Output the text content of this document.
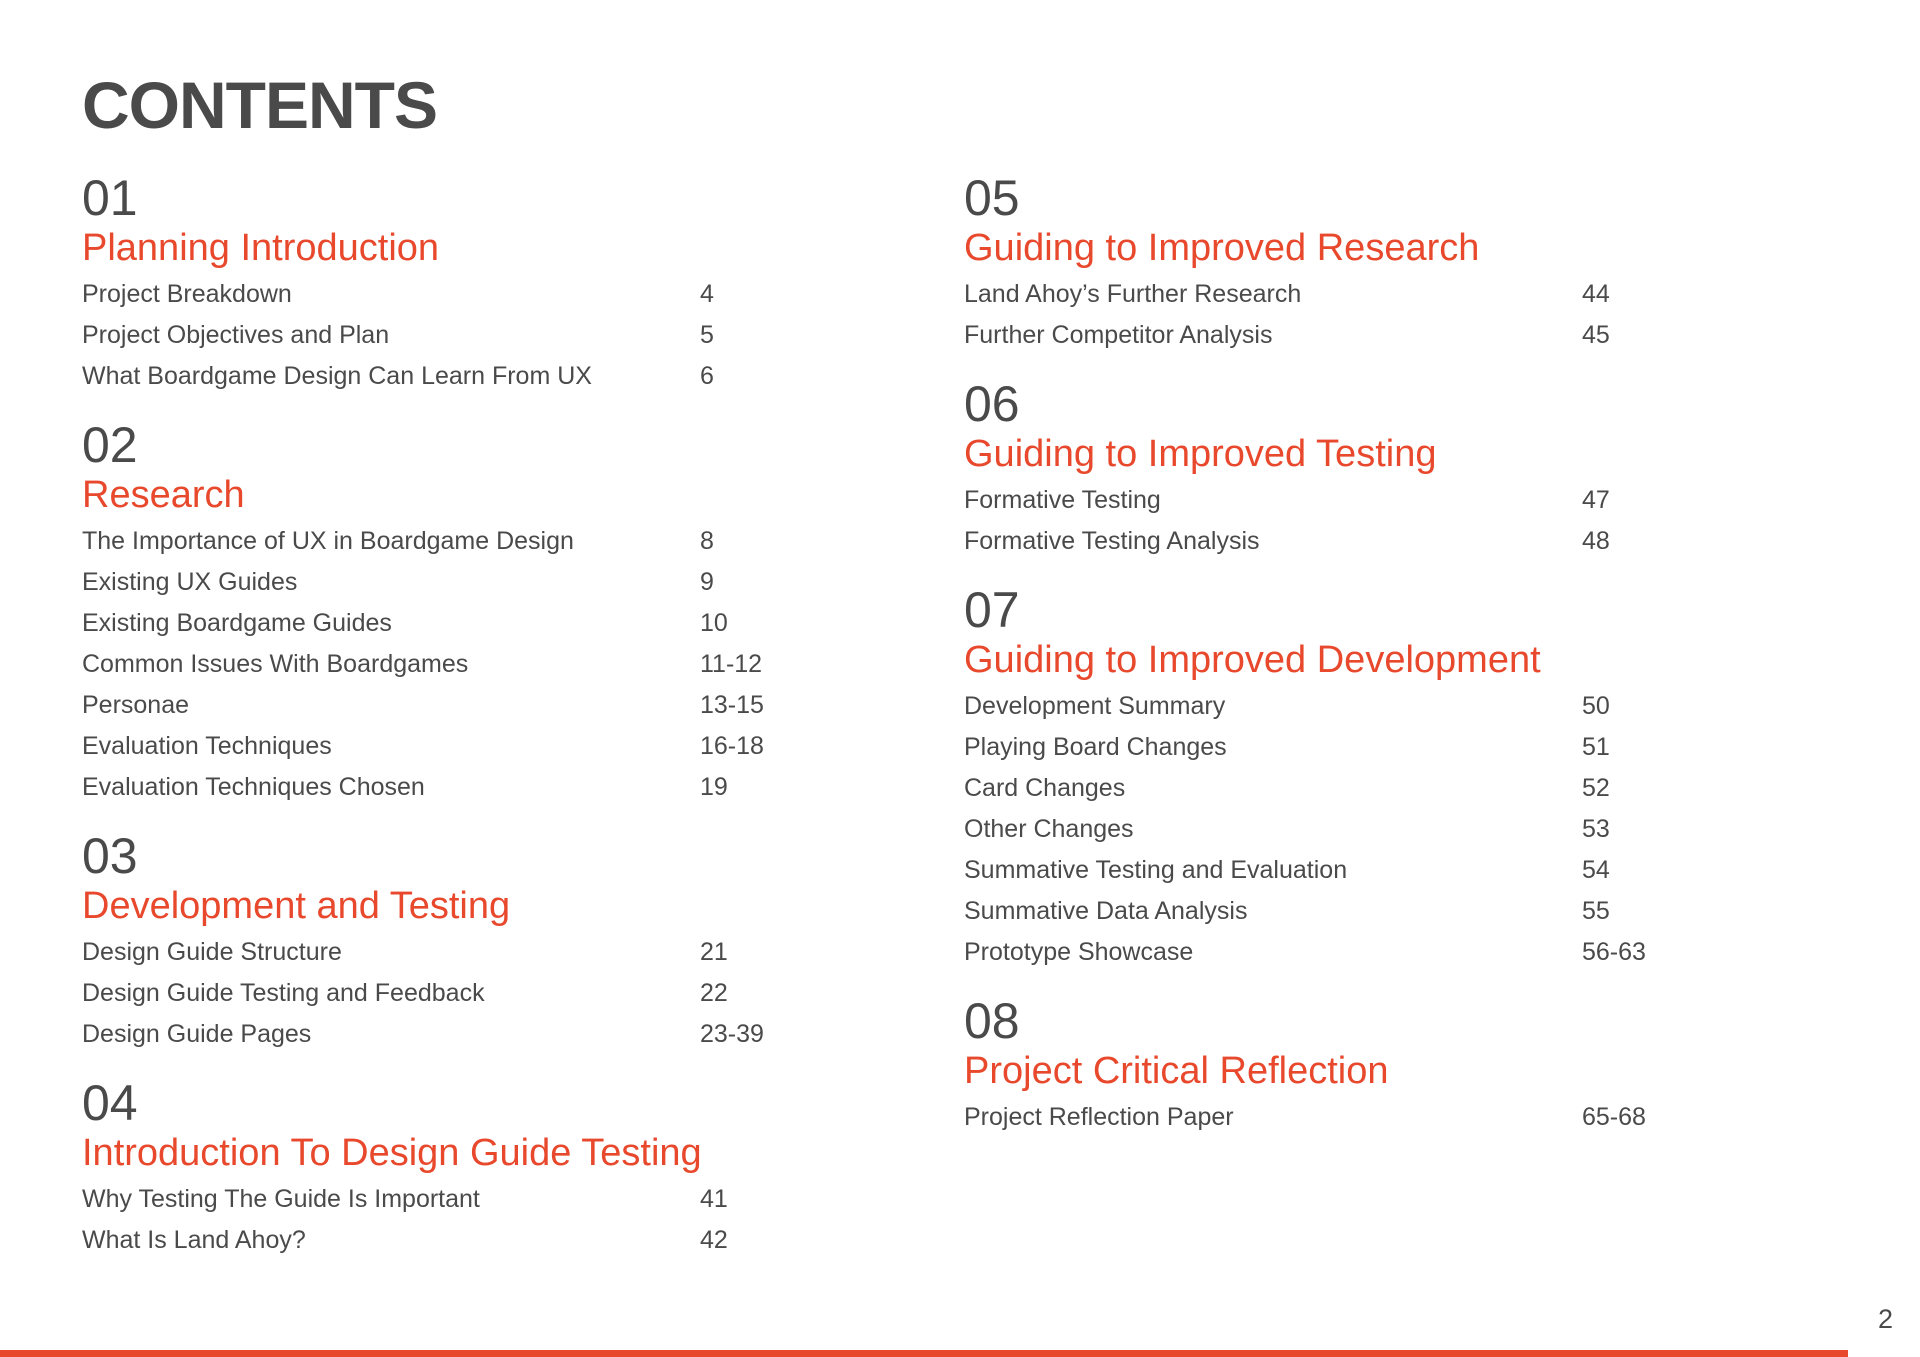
CONTENTS
01
Planning Introduction
Project Breakdown	4
Project Objectives and Plan	5
What Boardgame Design Can Learn From UX	6
02
Research
The Importance of UX in Boardgame Design	8
Existing UX Guides	9
Existing Boardgame Guides	10
Common Issues With Boardgames	11-12
Personae	13-15
Evaluation Techniques	16-18
Evaluation Techniques Chosen	19
03
Development and Testing
Design Guide Structure	21
Design Guide Testing and Feedback	22
Design Guide Pages	23-39
04
Introduction To Design Guide Testing
Why Testing The Guide Is Important	41
What Is Land Ahoy?	42
05
Guiding to Improved Research
Land Ahoy’s Further Research	44
Further Competitor Analysis	45
06
Guiding to Improved Testing
Formative Testing	47
Formative Testing Analysis	48
07
Guiding to Improved Development
Development Summary	50
Playing Board Changes	51
Card Changes	52
Other Changes	53
Summative Testing and Evaluation	54
Summative Data Analysis	55
Prototype Showcase	56-63
08
Project Critical Reflection
Project Reflection Paper	65-68
2
